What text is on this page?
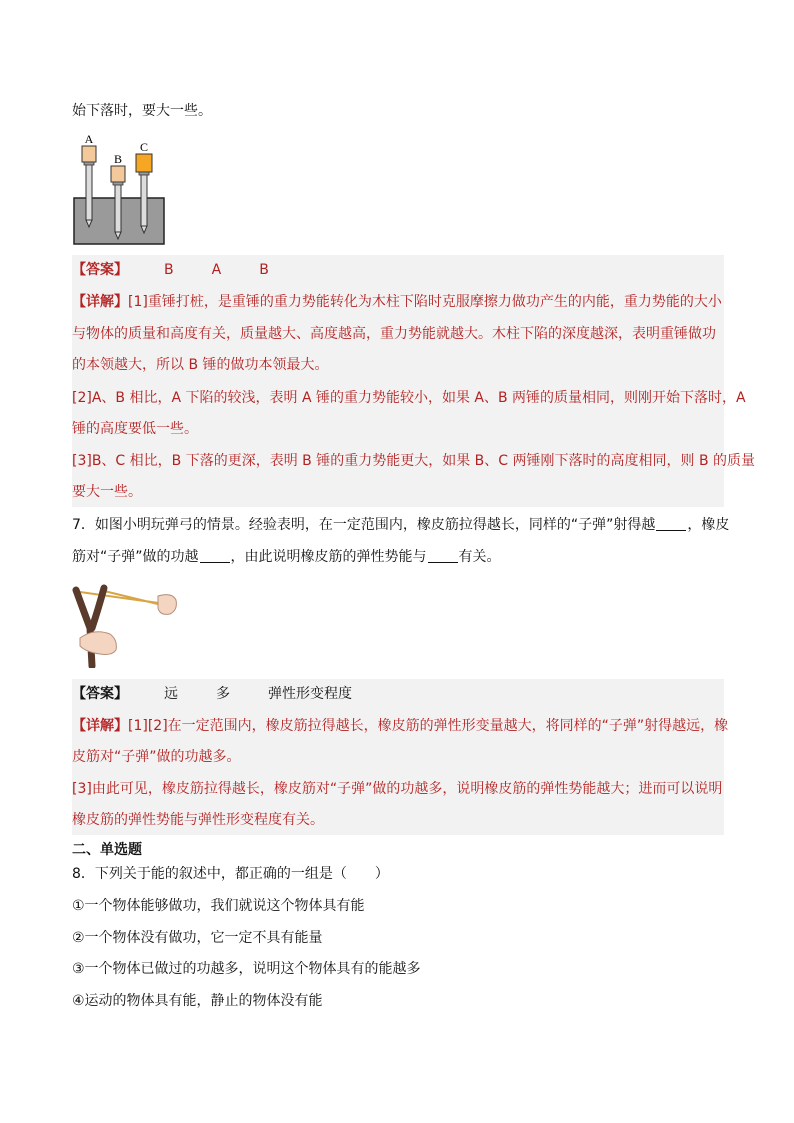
始下落时，要大一些。
A
B
C
【答案】	B	A	B
【详解】[1]重锤打桩，是重锤的重力势能转化为木柱下陷时克服摩擦力做功产生的内能，重力势能的大小
与物体的质量和高度有关，质量越大、高度越高，重力势能就越大。木柱下陷的深度越深，表明重锤做功
的本领越大，所以 B 锤的做功本领最大。
[2]A、B 相比，A 下陷的较浅，表明 A 锤的重力势能较小，如果 A、B 两锤的质量相同，则刚开始下落时，A
锤的高度要低一些。
[3]B、C 相比，B 下落的更深，表明 B 锤的重力势能更大，如果 B、C 两锤刚下落时的高度相同，则 B 的质量
要大一些。
7．如图小明玩弹弓的情景。经验表明，在一定范围内，橡皮筋拉得越长，同样的“子弹”射得越 ，橡皮
筋对“子弹”做的功越 ，由此说明橡皮筋的弹性势能与 有关。
【答案】	远	多	弹性形变程度
【详解】[1][2]在一定范围内，橡皮筋拉得越长，橡皮筋的弹性形变量越大，将同样的“子弹”射得越远，橡
皮筋对“子弹”做的功越多。
[3]由此可见，橡皮筋拉得越长，橡皮筋对“子弹”做的功越多，说明橡皮筋的弹性势能越大；进而可以说明
橡皮筋的弹性势能与弹性形变程度有关。
二、单选题
8．下列关于能的叙述中，都正确的一组是（　　）
①一个物体能够做功，我们就说这个物体具有能
②一个物体没有做功，它一定不具有能量
③一个物体已做过的功越多，说明这个物体具有的能越多
④运动的物体具有能，静止的物体没有能
